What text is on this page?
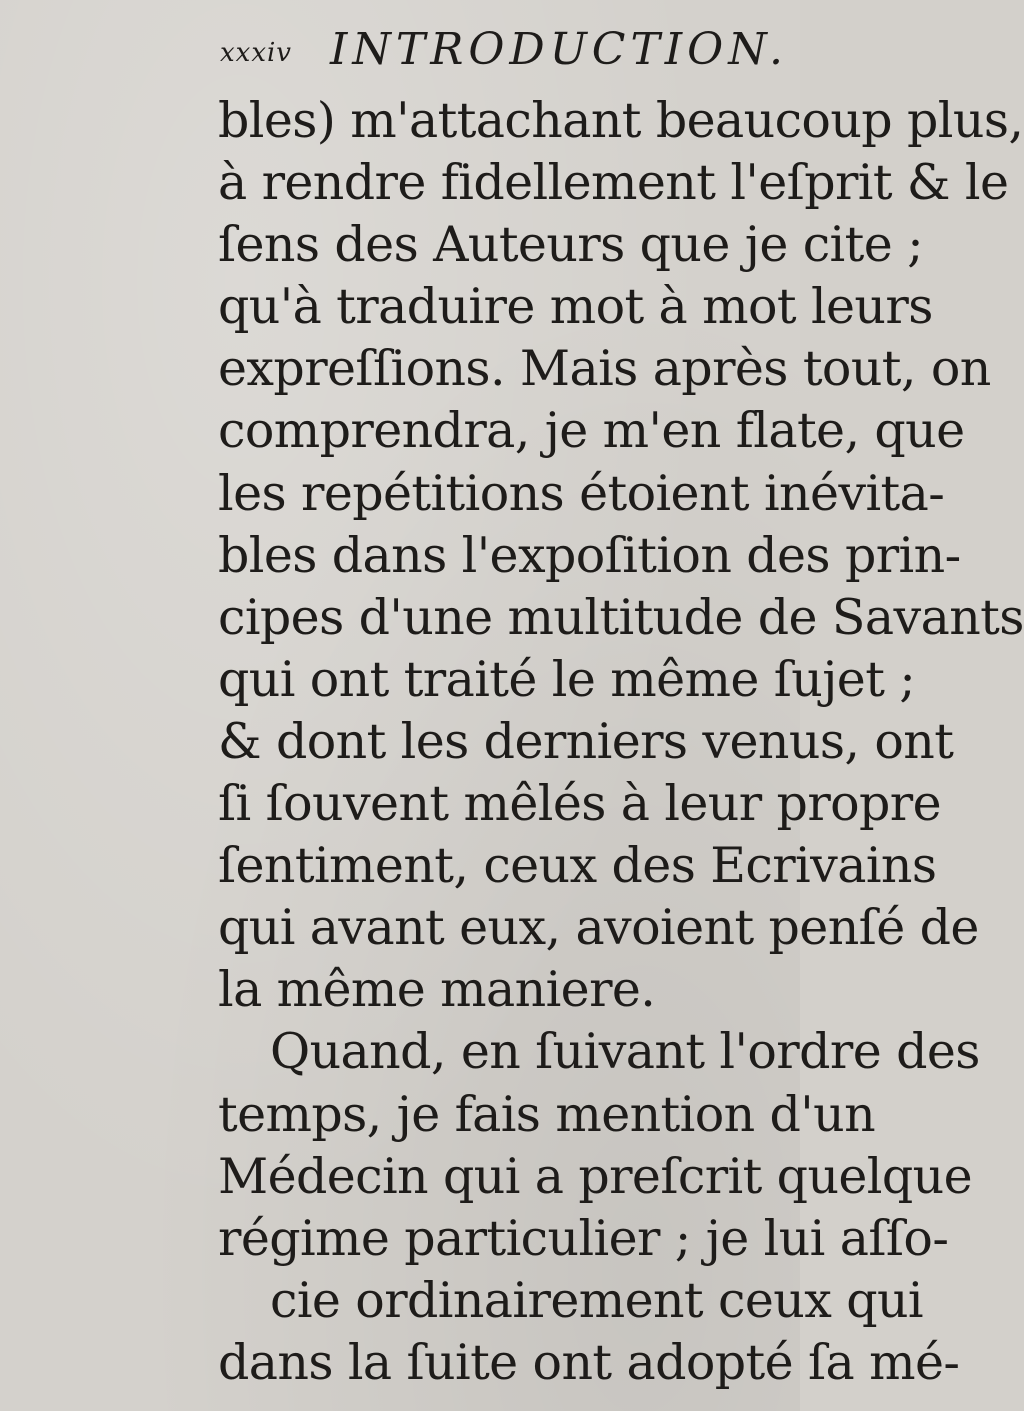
xxxiv INTRODUCTION.
bles) m'attachant beaucoup plus,
à rendre fidellement l'eſprit & le
ſens des Auteurs que je cite ;
qu'à traduire mot à mot leurs
expreſſions. Mais après tout, on
comprendra, je m'en flate, que
les repétitions étoient inévita-
bles dans l'expoſition des prin-
cipes d'une multitude de Savants
qui ont traité le même ſujet ;
& dont les derniers venus, ont
ſi ſouvent mêlés à leur propre
ſentiment, ceux des Ecrivains
qui avant eux, avoient penſé de
la même maniere.
Quand, en ſuivant l'ordre des
temps, je fais mention d'un
Médecin qui a preſcrit quelque
régime particulier ; je lui aſſo-
cie ordinairement ceux qui
dans la ſuite ont adopté ſa mé-
